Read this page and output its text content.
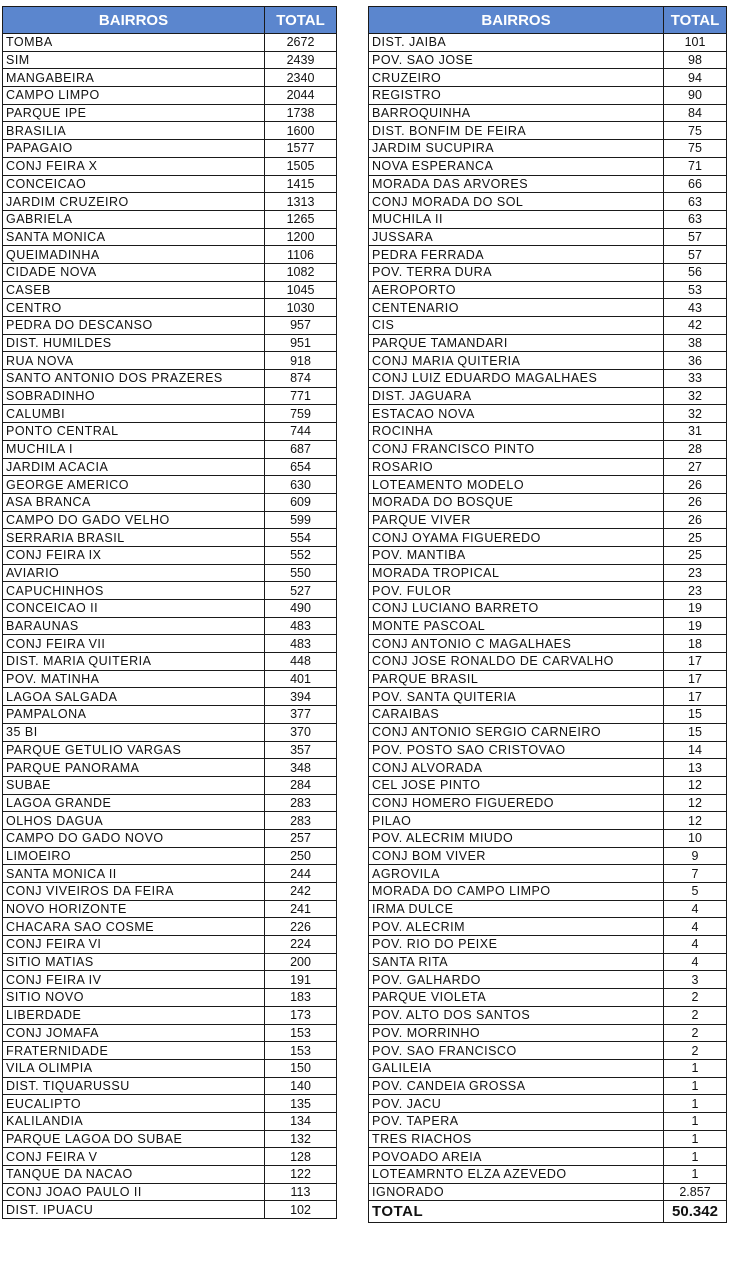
BAIRROS	TOTAL
TOMBA	2672
SIM	2439
MANGABEIRA	2340
CAMPO LIMPO	2044
PARQUE IPE	1738
BRASILIA	1600
PAPAGAIO	1577
CONJ FEIRA X	1505
CONCEICAO	1415
JARDIM CRUZEIRO	1313
GABRIELA	1265
SANTA MONICA	1200
QUEIMADINHA	1106
CIDADE NOVA	1082
CASEB	1045
CENTRO	1030
PEDRA DO DESCANSO	957
DIST. HUMILDES	951
RUA NOVA	918
SANTO ANTONIO DOS PRAZERES	874
SOBRADINHO	771
CALUMBI	759
PONTO CENTRAL	744
MUCHILA I	687
JARDIM ACACIA	654
GEORGE AMERICO	630
ASA BRANCA	609
CAMPO DO GADO VELHO	599
SERRARIA BRASIL	554
CONJ FEIRA IX	552
AVIARIO	550
CAPUCHINHOS	527
CONCEICAO II	490
BARAUNAS	483
CONJ FEIRA VII	483
DIST. MARIA QUITERIA	448
POV. MATINHA	401
LAGOA SALGADA	394
PAMPALONA	377
35 BI	370
PARQUE GETULIO VARGAS	357
PARQUE PANORAMA	348
SUBAE	284
LAGOA GRANDE	283
OLHOS DAGUA	283
CAMPO DO GADO NOVO	257
LIMOEIRO	250
SANTA MONICA II	244
CONJ VIVEIROS DA FEIRA	242
NOVO HORIZONTE	241
CHACARA SAO COSME	226
CONJ FEIRA VI	224
SITIO MATIAS	200
CONJ FEIRA IV	191
SITIO NOVO	183
LIBERDADE	173
CONJ JOMAFA	153
FRATERNIDADE	153
VILA OLIMPIA	150
DIST. TIQUARUSSU	140
EUCALIPTO	135
KALILANDIA	134
PARQUE LAGOA DO SUBAE	132
CONJ FEIRA V	128
TANQUE DA NACAO	122
CONJ JOAO PAULO II	113
DIST. IPUACU	102
BAIRROS	TOTAL
DIST. JAIBA	101
POV. SAO JOSE	98
CRUZEIRO	94
REGISTRO	90
BARROQUINHA	84
DIST. BONFIM DE FEIRA	75
JARDIM SUCUPIRA	75
NOVA ESPERANCA	71
MORADA DAS ARVORES	66
CONJ MORADA DO SOL	63
MUCHILA II	63
JUSSARA	57
PEDRA FERRADA	57
POV. TERRA DURA	56
AEROPORTO	53
CENTENARIO	43
CIS	42
PARQUE TAMANDARI	38
CONJ MARIA QUITERIA	36
CONJ LUIZ EDUARDO MAGALHAES	33
DIST. JAGUARA	32
ESTACAO NOVA	32
ROCINHA	31
CONJ FRANCISCO PINTO	28
ROSARIO	27
LOTEAMENTO MODELO	26
MORADA DO BOSQUE	26
PARQUE VIVER	26
CONJ OYAMA FIGUEREDO	25
POV. MANTIBA	25
MORADA TROPICAL	23
POV. FULOR	23
CONJ LUCIANO BARRETO	19
MONTE PASCOAL	19
CONJ ANTONIO C MAGALHAES	18
CONJ JOSE RONALDO DE CARVALHO	17
PARQUE BRASIL	17
POV. SANTA QUITERIA	17
CARAIBAS	15
CONJ ANTONIO SERGIO CARNEIRO	15
POV. POSTO SAO CRISTOVAO	14
CONJ ALVORADA	13
CEL JOSE PINTO	12
CONJ HOMERO FIGUEREDO	12
PILAO	12
POV. ALECRIM MIUDO	10
CONJ BOM VIVER	9
AGROVILA	7
MORADA DO CAMPO LIMPO	5
IRMA DULCE	4
POV. ALECRIM	4
POV. RIO DO PEIXE	4
SANTA RITA	4
POV. GALHARDO	3
PARQUE VIOLETA	2
POV. ALTO DOS SANTOS	2
POV. MORRINHO	2
POV. SAO FRANCISCO	2
GALILEIA	1
POV. CANDEIA GROSSA	1
POV. JACU	1
POV. TAPERA	1
TRES RIACHOS	1
POVOADO AREIA	1
LOTEAMRNTO ELZA AZEVEDO	1
IGNORADO	2.857
TOTAL	50.342
